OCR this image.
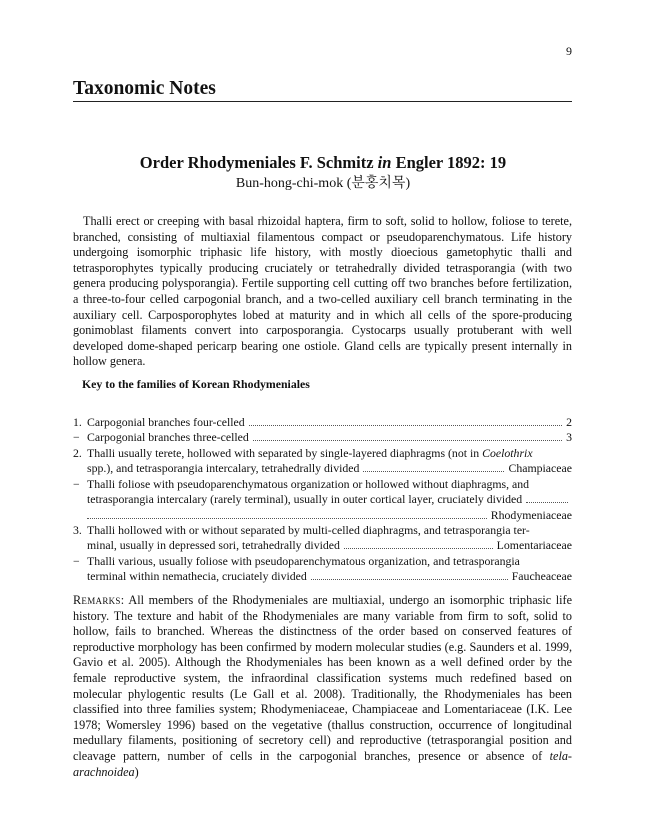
9
Taxonomic Notes
Order Rhodymeniales F. Schmitz in Engler 1892: 19
Bun-hong-chi-mok (분홍치목)
Thalli erect or creeping with basal rhizoidal haptera, firm to soft, solid to hollow, foliose to terete, branched, consisting of multiaxial filamentous compact or pseudoparenchymatous. Life history undergoing isomorphic triphasic life history, with mostly dioecious gametophytic thalli and tetrasporophytes typically producing cruciately or tetrahedrally divided tetrasporangia (with two genera producing polysporangia). Fertile supporting cell cutting off two branches before fertilization, a three-to-four celled carpogonial branch, and a two-celled auxiliary cell branch terminating in the auxiliary cell. Carposporophytes lobed at maturity and in which all cells of the spore-producing gonimoblast filaments convert into carposporangia. Cystocarps usually protuberant with well developed dome-shaped pericarp bearing one ostiole. Gland cells are typically present internally in hollow genera.
Key to the families of Korean Rhodymeniales
1. Carpogonial branches four-celled	2
− Carpogonial branches three-celled	3
2. Thalli usually terete, hollowed with separated by single-layered diaphragms (not in Coelothrix
spp.), and tetrasporangia intercalary, tetrahedrally divided	Champiaceae
− Thalli foliose with pseudoparenchymatous organization or hollowed without diaphragms, and
tetrasporangia intercalary (rarely terminal), usually in outer cortical layer, cruciately divided
Rhodymeniaceae
3. Thalli hollowed with or without separated by multi-celled diaphragms, and tetrasporangia ter-
minal, usually in depressed sori, tetrahedrally divided	Lomentariaceae
− Thalli various, usually foliose with pseudoparenchymatous organization, and tetrasporangia
terminal within nemathecia, cruciately divided	Faucheaceae
Remarks: All members of the Rhodymeniales are multiaxial, undergo an isomorphic triphasic life history. The texture and habit of the Rhodymeniales are many variable from firm to soft, solid to hollow, fails to branched. Whereas the distinctness of the order based on conserved features of reproductive morphology has been confirmed by modern molecular studies (e.g. Saunders et al. 1999, Gavio et al. 2005). Although the Rhodymeniales has been known as a well defined order by the female reproductive system, the infraordinal classification systems much redefined based on molecular phylogentic results (Le Gall et al. 2008). Traditionally, the Rhodymeniales has been classified into three families system; Rhodymeniaceae, Champiaceae and Lomentariaceae (I.K. Lee 1978; Womersley 1996) based on the vegetative (thallus construction, occurrence of longitudinal medullary filaments, positioning of secretory cell) and reproductive (tetrasporangial position and cleavage pattern, number of cells in the carpogonial branches, presence or absence of tela-arachnoidea)
